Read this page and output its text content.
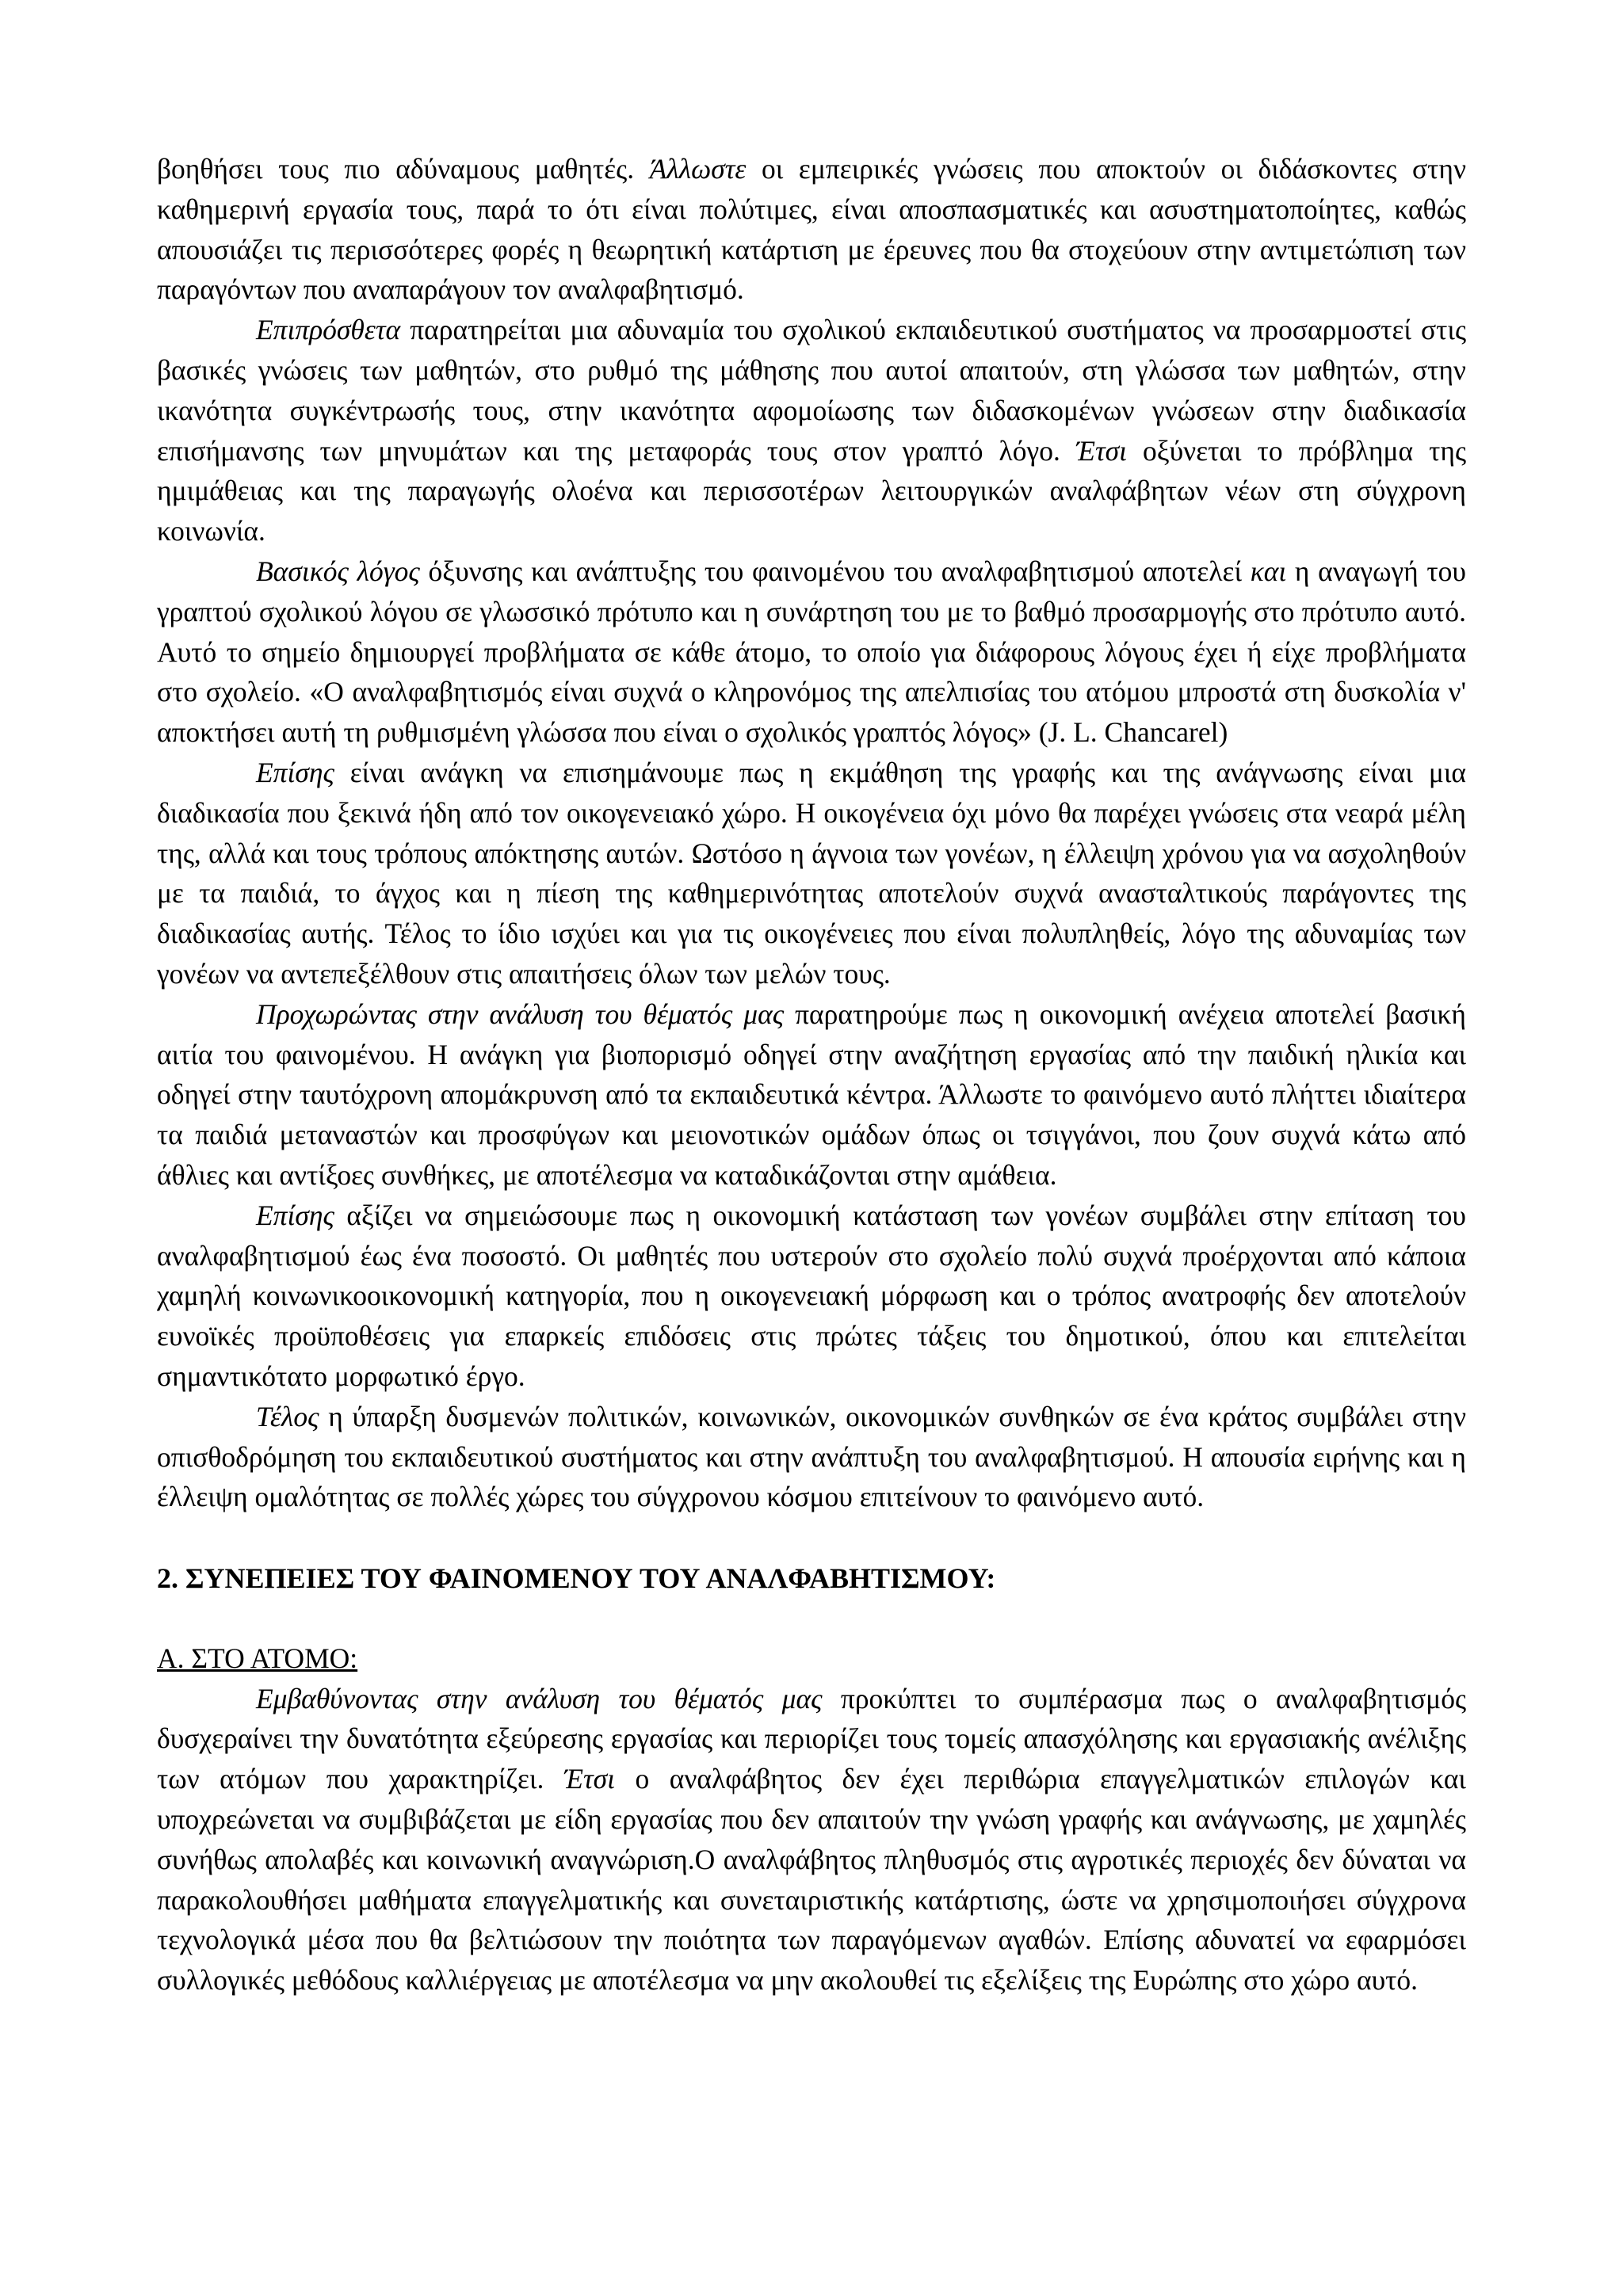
βοηθήσει τους πιο αδύναμους μαθητές. Άλλωστε οι εμπειρικές γνώσεις που αποκτούν οι διδάσκοντες στην καθημερινή εργασία τους, παρά το ότι είναι πολύτιμες, είναι αποσπασματικές και ασυστηματοποίητες, καθώς απουσιάζει τις περισσότερες φορές η θεωρητική κατάρτιση με έρευνες που θα στοχεύουν στην αντιμετώπιση των παραγόντων που αναπαράγουν τον αναλφαβητισμό.

Επιπρόσθετα παρατηρείται μια αδυναμία του σχολικού εκπαιδευτικού συστήματος να προσαρμοστεί στις βασικές γνώσεις των μαθητών, στο ρυθμό της μάθησης που αυτοί απαιτούν, στη γλώσσα των μαθητών, στην ικανότητα συγκέντρωσής τους, στην ικανότητα αφομοίωσης των διδασκομένων γνώσεων στην διαδικασία επισήμανσης των μηνυμάτων και της μεταφοράς τους στον γραπτό λόγο. Έτσι οξύνεται το πρόβλημα της ημιμάθειας και της παραγωγής ολοένα και περισσοτέρων λειτουργικών αναλφάβητων νέων στη σύγχρονη κοινωνία.

Βασικός λόγος όξυνσης και ανάπτυξης του φαινομένου του αναλφαβητισμού αποτελεί και η αναγωγή του γραπτού σχολικού λόγου σε γλωσσικό πρότυπο και η συνάρτηση του με το βαθμό προσαρμογής στο πρότυπο αυτό. Αυτό το σημείο δημιουργεί προβλήματα σε κάθε άτομο, το οποίο για διάφορους λόγους έχει ή είχε προβλήματα στο σχολείο. «Ο αναλφαβητισμός είναι συχνά ο κληρονόμος της απελπισίας του ατόμου μπροστά στη δυσκολία ν' αποκτήσει αυτή τη ρυθμισμένη γλώσσα που είναι ο σχολικός γραπτός λόγος» (J. L. Chancarel)

Επίσης είναι ανάγκη να επισημάνουμε πως η εκμάθηση της γραφής και της ανάγνωσης είναι μια διαδικασία που ξεκινά ήδη από τον οικογενειακό χώρο. Η οικογένεια όχι μόνο θα παρέχει γνώσεις στα νεαρά μέλη της, αλλά και τους τρόπους απόκτησης αυτών. Ωστόσο η άγνοια των γονέων, η έλλειψη χρόνου για να ασχοληθούν με τα παιδιά, το άγχος και η πίεση της καθημερινότητας αποτελούν συχνά ανασταλτικούς παράγοντες της διαδικασίας αυτής. Τέλος το ίδιο ισχύει και για τις οικογένειες που είναι πολυπληθείς, λόγο της αδυναμίας των γονέων να αντεπεξέλθουν στις απαιτήσεις όλων των μελών τους.

Προχωρώντας στην ανάλυση του θέματός μας παρατηρούμε πως η οικονομική ανέχεια αποτελεί βασική αιτία του φαινομένου. Η ανάγκη για βιοπορισμό οδηγεί στην αναζήτηση εργασίας από την παιδική ηλικία και οδηγεί στην ταυτόχρονη απομάκρυνση από τα εκπαιδευτικά κέντρα. Άλλωστε το φαινόμενο αυτό πλήττει ιδιαίτερα τα παιδιά μεταναστών και προσφύγων και μειονοτικών ομάδων όπως οι τσιγγάνοι, που ζουν συχνά κάτω από άθλιες και αντίξοες συνθήκες, με αποτέλεσμα να καταδικάζονται στην αμάθεια.

Επίσης αξίζει να σημειώσουμε πως η οικονομική κατάσταση των γονέων συμβάλει στην επίταση του αναλφαβητισμού έως ένα ποσοστό. Οι μαθητές που υστερούν στο σχολείο πολύ συχνά προέρχονται από κάποια χαμηλή κοινωνικοοικονομική κατηγορία, που η οικογενειακή μόρφωση και ο τρόπος ανατροφής δεν αποτελούν ευνοϊκές προϋποθέσεις για επαρκείς επιδόσεις στις πρώτες τάξεις του δημοτικού, όπου και επιτελείται σημαντικότατο μορφωτικό έργο.

Τέλος η ύπαρξη δυσμενών πολιτικών, κοινωνικών, οικονομικών συνθηκών σε ένα κράτος συμβάλει στην οπισθοδρόμηση του εκπαιδευτικού συστήματος και στην ανάπτυξη του αναλφαβητισμού. Η απουσία ειρήνης και η έλλειψη ομαλότητας σε πολλές χώρες του σύγχρονου κόσμου επιτείνουν το φαινόμενο αυτό.

2. ΣΥΝΕΠΕΙΕΣ ΤΟΥ ΦΑΙΝΟΜΕΝΟΥ ΤΟΥ ΑΝΑΛΦΑΒΗΤΙΣΜΟΥ:

Α. ΣΤΟ ΑΤΟΜΟ:

Εμβαθύνοντας στην ανάλυση του θέματός μας προκύπτει το συμπέρασμα πως ο αναλφαβητισμός δυσχεραίνει την δυνατότητα εξεύρεσης εργασίας και περιορίζει τους τομείς απασχόλησης και εργασιακής ανέλιξης των ατόμων που χαρακτηρίζει. Έτσι ο αναλφάβητος δεν έχει περιθώρια επαγγελματικών επιλογών και υποχρεώνεται να συμβιβάζεται με είδη εργασίας που δεν απαιτούν την γνώση γραφής και ανάγνωσης, με χαμηλές συνήθως απολαβές και κοινωνική αναγνώριση.Ο αναλφάβητος πληθυσμός στις αγροτικές περιοχές δεν δύναται να παρακολουθήσει μαθήματα επαγγελματικής και συνεταιριστικής κατάρτισης, ώστε να χρησιμοποιήσει σύγχρονα τεχνολογικά μέσα που θα βελτιώσουν την ποιότητα των παραγόμενων αγαθών. Επίσης αδυνατεί να εφαρμόσει συλλογικές μεθόδους καλλιέργειας με αποτέλεσμα να μην ακολουθεί τις εξελίξεις της Ευρώπης στο χώρο αυτό.
